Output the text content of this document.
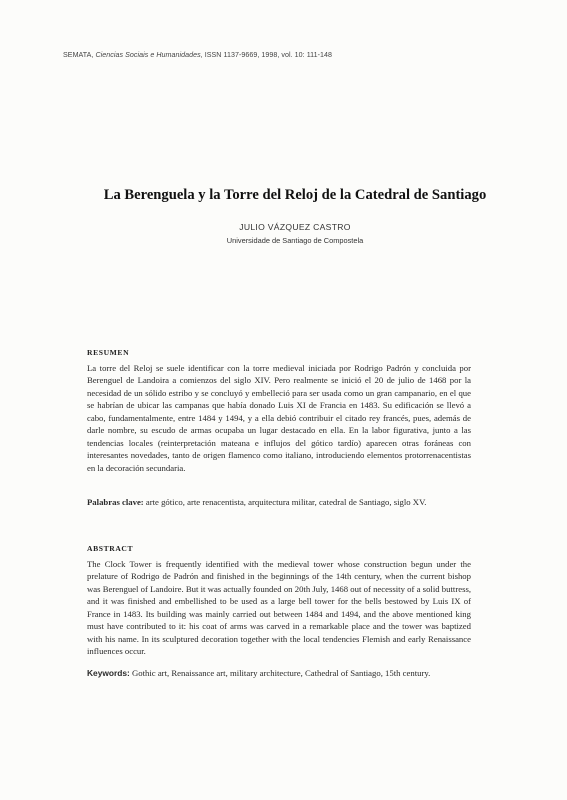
SEMATA, Ciencias Sociais e Humanidades, ISSN 1137-9669, 1998, vol. 10: 111-148
La Berenguela y la Torre del Reloj de la Catedral de Santiago
JULIO VÁZQUEZ CASTRO
Universidade de Santiago de Compostela
RESUMEN
La torre del Reloj se suele identificar con la torre medieval iniciada por Rodrigo Padrón y concluida por Berenguel de Landoira a comienzos del siglo XIV. Pero realmente se inició el 20 de julio de 1468 por la necesidad de un sólido estribo y se concluyó y embelleció para ser usada como un gran campanario, en el que se habrían de ubicar las campanas que había donado Luis XI de Francia en 1483. Su edificación se llevó a cabo, fundamentalmente, entre 1484 y 1494, y a ella debió contribuir el citado rey francés, pues, además de darle nombre, su escudo de armas ocupaba un lugar destacado en ella. En la labor figurativa, junto a las tendencias locales (reinterpretación mateana e influjos del gótico tardío) aparecen otras foráneas con interesantes novedades, tanto de origen flamenco como italiano, introduciendo elementos protorrenacentistas en la decoración secundaria.
Palabras clave: arte gótico, arte renacentista, arquitectura militar, catedral de Santiago, siglo XV.
ABSTRACT
The Clock Tower is frequently identified with the medieval tower whose construction begun under the prelature of Rodrigo de Padrón and finished in the beginnings of the 14th century, when the current bishop was Berenguel of Landoire. But it was actually founded on 20th July, 1468 out of necessity of a solid buttress, and it was finished and embellished to be used as a large bell tower for the bells bestowed by Luis IX of France in 1483. Its building was mainly carried out between 1484 and 1494, and the above mentioned king must have contributed to it: his coat of arms was carved in a remarkable place and the tower was baptized with his name. In its sculptured decoration together with the local tendencies Flemish and early Renaissance influences occur.
Keywords: Gothic art, Renaissance art, military architecture, Cathedral of Santiago, 15th century.
